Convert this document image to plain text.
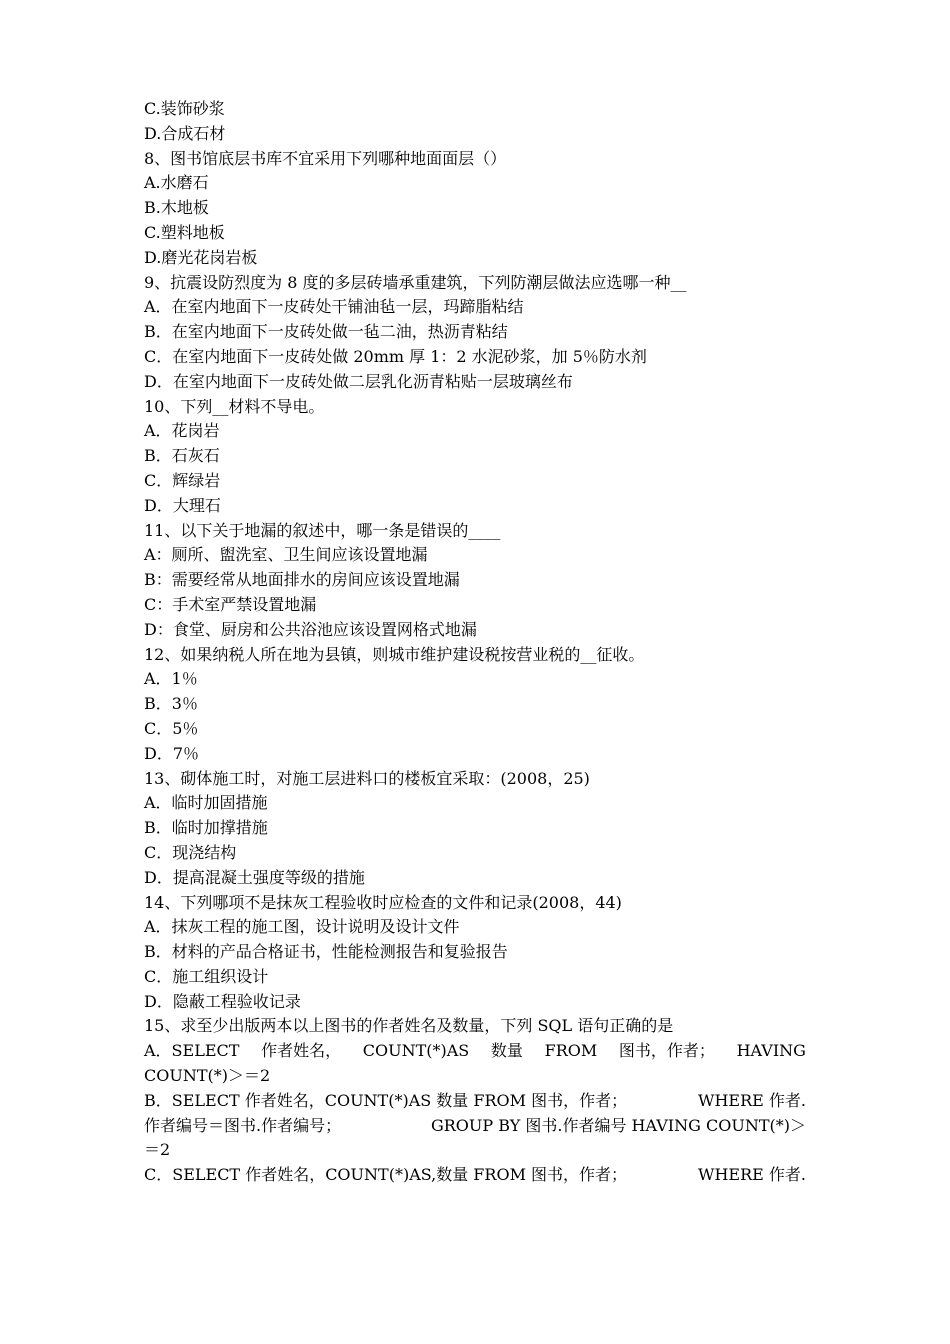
C.装饰砂浆
D.合成石材
8、图书馆底层书库不宜采用下列哪种地面面层（）
A.水磨石
B.木地板
C.塑料地板
D.磨光花岗岩板
9、抗震设防烈度为 8 度的多层砖墙承重建筑，下列防潮层做法应选哪一种__
A．在室内地面下一皮砖处干铺油毡一层，玛蹄脂粘结
B．在室内地面下一皮砖处做一毡二油，热沥青粘结
C．在室内地面下一皮砖处做 20mm 厚 1：2 水泥砂浆，加 5％防水剂
D．在室内地面下一皮砖处做二层乳化沥青粘贴一层玻璃丝布
10、下列__材料不导电。
A．花岗岩
B．石灰石
C．辉绿岩
D．大理石
11、以下关于地漏的叙述中，哪一条是错误的____
A：厕所、盥洗室、卫生间应该设置地漏
B：需要经常从地面排水的房间应该设置地漏
C：手术室严禁设置地漏
D：食堂、厨房和公共浴池应该设置网格式地漏
12、如果纳税人所在地为县镇，则城市维护建设税按营业税的__征收。
A．1％
B．3％
C．5％
D．7％
13、砌体施工时，对施工层进料口的楼板宜采取：(2008，25)
A．临时加固措施
B．临时加撑措施
C．现浇结构
D．提高混凝土强度等级的措施
14、下列哪项不是抹灰工程验收时应检查的文件和记录(2008，44)
A．抹灰工程的施工图，设计说明及设计文件
B．材料的产品合格证书，性能检测报告和复验报告
C．施工组织设计
D．隐蔽工程验收记录
15、求至少出版两本以上图书的作者姓名及数量，下列 SQL 语句正确的是
A．SELECT 作者姓名， COUNT(*)AS 数量 FROM 图书，作者； HAVING
COUNT(*)＞＝2
B．SELECT 作者姓名，COUNT(*)AS 数量 FROM 图书，作者；	WHERE 作者.
作者编号＝图书.作者编号；	GROUP BY 图书.作者编号 HAVING COUNT(*)＞
＝2
C．SELECT 作者姓名，COUNT(*)AS,数量 FROM 图书，作者；	WHERE 作者.
